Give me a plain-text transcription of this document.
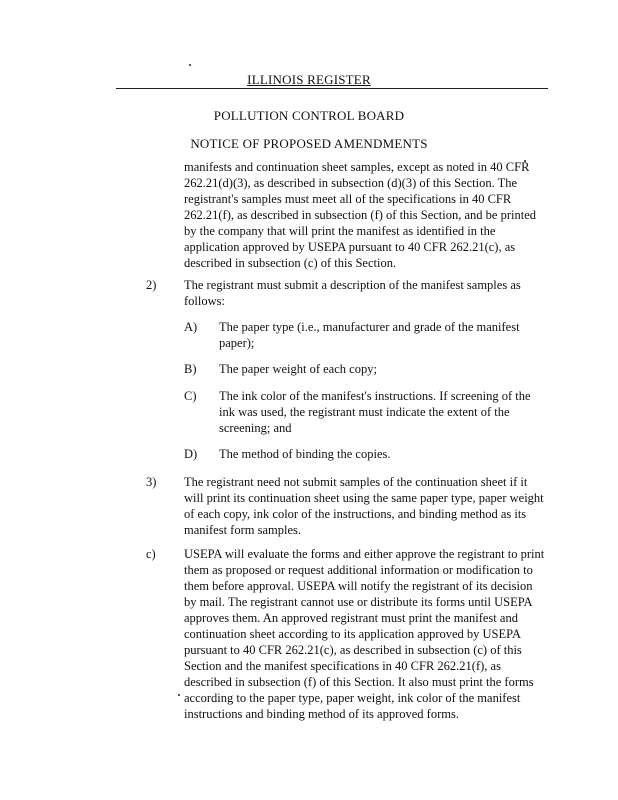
ILLINOIS REGISTER
POLLUTION CONTROL BOARD
NOTICE OF PROPOSED AMENDMENTS

manifests and continuation sheet samples, except as noted in 40 CFR 262.21(d)(3), as described in subsection (d)(3) of this Section. The registrant's samples must meet all of the specifications in 40 CFR 262.21(f), as described in subsection (f) of this Section, and be printed by the company that will print the manifest as identified in the application approved by USEPA pursuant to 40 CFR 262.21(c), as described in subsection (c) of this Section.

2) The registrant must submit a description of the manifest samples as follows:

A) The paper type (i.e., manufacturer and grade of the manifest paper);

B) The paper weight of each copy;

C) The ink color of the manifest's instructions. If screening of the ink was used, the registrant must indicate the extent of the screening; and

D) The method of binding the copies.

3) The registrant need not submit samples of the continuation sheet if it will print its continuation sheet using the same paper type, paper weight of each copy, ink color of the instructions, and binding method as its manifest form samples.

c) USEPA will evaluate the forms and either approve the registrant to print them as proposed or request additional information or modification to them before approval. USEPA will notify the registrant of its decision by mail. The registrant cannot use or distribute its forms until USEPA approves them. An approved registrant must print the manifest and continuation sheet according to its application approved by USEPA pursuant to 40 CFR 262.21(c), as described in subsection (c) of this Section and the manifest specifications in 40 CFR 262.21(f), as described in subsection (f) of this Section. It also must print the forms according to the paper type, paper weight, ink color of the manifest instructions and binding method of its approved forms.
